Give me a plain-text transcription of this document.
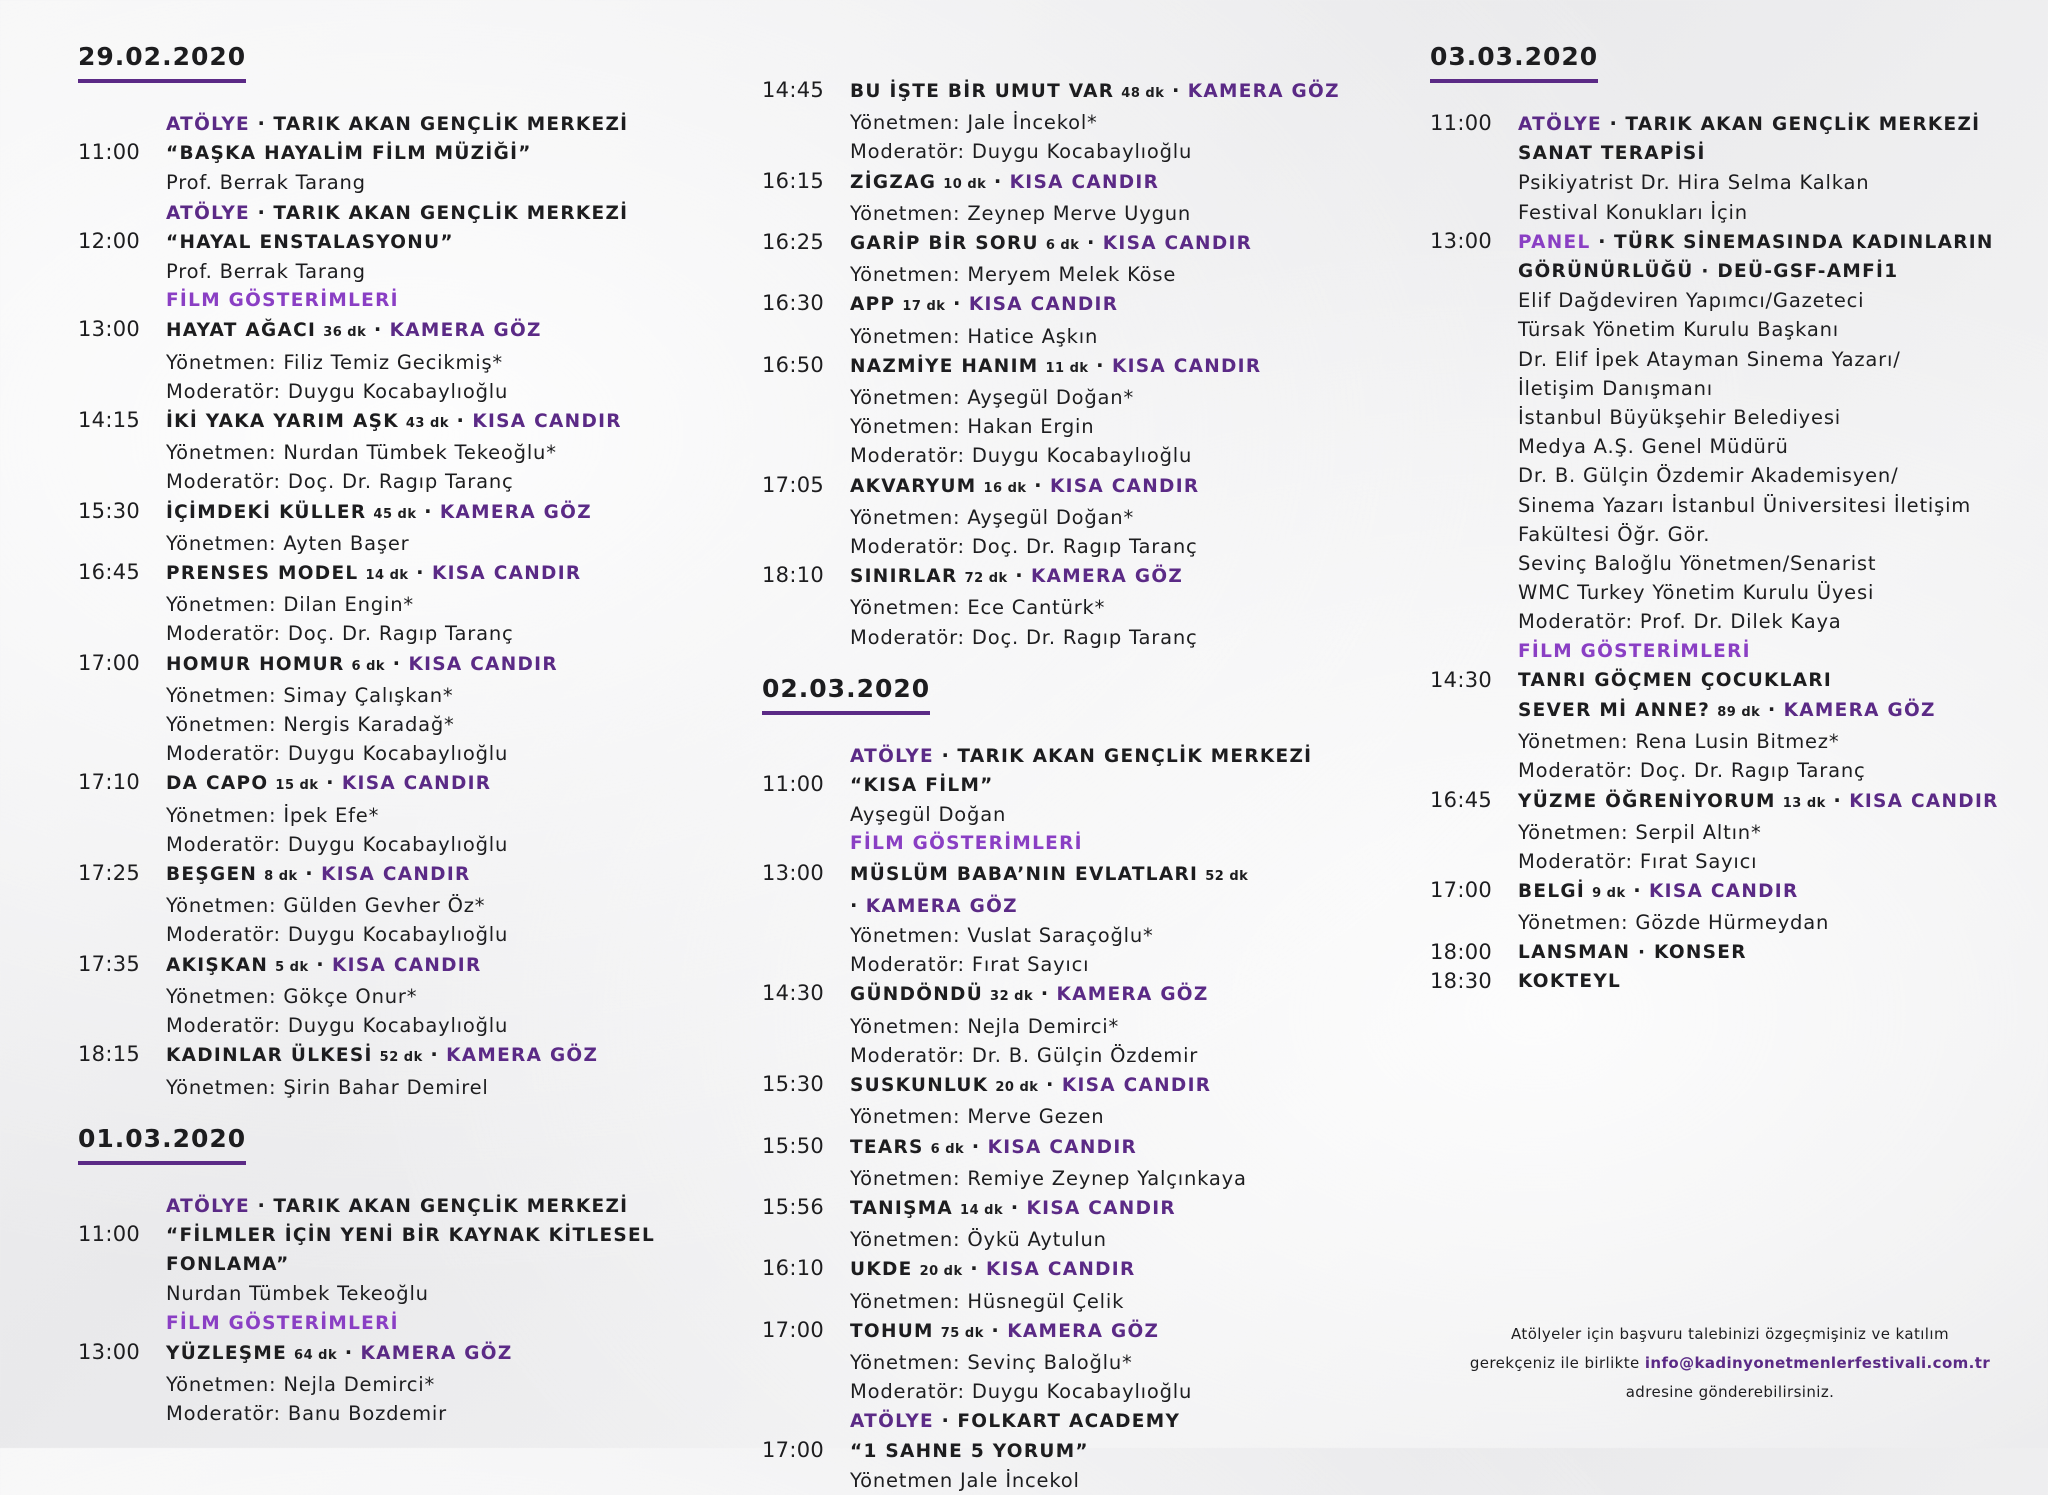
29.02.2020
11:00
ATÖLYE · TARIK AKAN GENÇLİK MERKEZİ
“BAŞKA HAYALİM FİLM MÜZİĞİ”
Prof. Berrak Tarang
12:00
ATÖLYE · TARIK AKAN GENÇLİK MERKEZİ
“HAYAL ENSTALASYONU”
Prof. Berrak Tarang
FİLM GÖSTERİMLERİ
13:00	HAYAT AĞACI 36 dk · KAMERA GÖZ
Yönetmen: Filiz Temiz Gecikmiş*
Moderatör: Duygu Kocabaylıoğlu
14:15	İKİ YAKA YARIM AŞK 43 dk · KISA CANDIR
Yönetmen: Nurdan Tümbek Tekeoğlu*
Moderatör: Doç. Dr. Ragıp Taranç
15:30	İÇİMDEKİ KÜLLER 45 dk · KAMERA GÖZ
Yönetmen: Ayten Başer
16:45	PRENSES MODEL 14 dk · KISA CANDIR
Yönetmen: Dilan Engin*
Moderatör: Doç. Dr. Ragıp Taranç
17:00	HOMUR HOMUR 6 dk · KISA CANDIR
Yönetmen: Simay Çalışkan*
Yönetmen: Nergis Karadağ*
Moderatör: Duygu Kocabaylıoğlu
17:10	DA CAPO 15 dk · KISA CANDIR
Yönetmen: İpek Efe*
Moderatör: Duygu Kocabaylıoğlu
17:25	BEŞGEN 8 dk · KISA CANDIR
Yönetmen: Gülden Gevher Öz*
Moderatör: Duygu Kocabaylıoğlu
17:35	AKIŞKAN 5 dk · KISA CANDIR
Yönetmen: Gökçe Onur*
Moderatör: Duygu Kocabaylıoğlu
18:15	KADINLAR ÜLKESİ 52 dk · KAMERA GÖZ
Yönetmen: Şirin Bahar Demirel
01.03.2020
11:00
ATÖLYE · TARIK AKAN GENÇLİK MERKEZİ
“FİLMLER İÇİN YENİ BİR KAYNAK KİTLESEL
FONLAMA”
Nurdan Tümbek Tekeoğlu
FİLM GÖSTERİMLERİ
13:00	YÜZLEŞME 64 dk · KAMERA GÖZ
Yönetmen: Nejla Demirci*
Moderatör: Banu Bozdemir
14:45	BU İŞTE BİR UMUT VAR 48 dk · KAMERA GÖZ
Yönetmen: Jale İncekol*
Moderatör: Duygu Kocabaylıoğlu
16:15	ZİGZAG 10 dk · KISA CANDIR
Yönetmen: Zeynep Merve Uygun
16:25	GARİP BİR SORU 6 dk · KISA CANDIR
Yönetmen: Meryem Melek Köse
16:30	APP 17 dk · KISA CANDIR
Yönetmen: Hatice Aşkın
16:50	NAZMİYE HANIM 11 dk · KISA CANDIR
Yönetmen: Ayşegül Doğan*
Yönetmen: Hakan Ergin
Moderatör: Duygu Kocabaylıoğlu
17:05	AKVARYUM 16 dk · KISA CANDIR
Yönetmen: Ayşegül Doğan*
Moderatör: Doç. Dr. Ragıp Taranç
18:10	SINIRLAR 72 dk · KAMERA GÖZ
Yönetmen: Ece Cantürk*
Moderatör: Doç. Dr. Ragıp Taranç
02.03.2020
11:00
ATÖLYE · TARIK AKAN GENÇLİK MERKEZİ
“KISA FİLM”
Ayşegül Doğan
FİLM GÖSTERİMLERİ
13:00	MÜSLÜM BABA’NIN EVLATLARI 52 dk
· KAMERA GÖZ
Yönetmen: Vuslat Saraçoğlu*
Moderatör: Fırat Sayıcı
14:30	GÜNDÖNDÜ 32 dk · KAMERA GÖZ
Yönetmen: Nejla Demirci*
Moderatör: Dr. B. Gülçin Özdemir
15:30	SUSKUNLUK 20 dk · KISA CANDIR
Yönetmen: Merve Gezen
15:50	TEARS 6 dk · KISA CANDIR
Yönetmen: Remiye Zeynep Yalçınkaya
15:56	TANIŞMA 14 dk · KISA CANDIR
Yönetmen: Öykü Aytulun
16:10	UKDE 20 dk · KISA CANDIR
Yönetmen: Hüsnegül Çelik
17:00	TOHUM 75 dk · KAMERA GÖZ
Yönetmen: Sevinç Baloğlu*
Moderatör: Duygu Kocabaylıoğlu
17:00
ATÖLYE · FOLKART ACADEMY
“1 SAHNE 5 YORUM”
Yönetmen Jale İncekol
03.03.2020
11:00	ATÖLYE · TARIK AKAN GENÇLİK MERKEZİ
SANAT TERAPİSİ
Psikiyatrist Dr. Hira Selma Kalkan
Festival Konukları İçin
13:00	PANEL · TÜRK SİNEMASINDA KADINLARIN
GÖRÜNÜRLÜĞÜ · DEÜ-GSF-AMFİ1
Elif Dağdeviren Yapımcı/Gazeteci
Türsak Yönetim Kurulu Başkanı
Dr. Elif İpek Atayman Sinema Yazarı/
İletişim Danışmanı
İstanbul Büyükşehir Belediyesi
Medya A.Ş. Genel Müdürü
Dr. B. Gülçin Özdemir Akademisyen/
Sinema Yazarı İstanbul Üniversitesi İletişim
Fakültesi Öğr. Gör.
Sevinç Baloğlu Yönetmen/Senarist
WMC Turkey Yönetim Kurulu Üyesi
Moderatör: Prof. Dr. Dilek Kaya
FİLM GÖSTERİMLERİ
14:30	TANRI GÖÇMEN ÇOCUKLARI
SEVER Mİ ANNE? 89 dk · KAMERA GÖZ
Yönetmen: Rena Lusin Bitmez*
Moderatör: Doç. Dr. Ragıp Taranç
16:45	YÜZME ÖĞRENİYORUM 13 dk · KISA CANDIR
Yönetmen: Serpil Altın*
Moderatör: Fırat Sayıcı
17:00	BELGİ 9 dk · KISA CANDIR
Yönetmen: Gözde Hürmeydan
18:00	LANSMAN · KONSER
18:30	KOKTEYL
Atölyeler için başvuru talebinizi özgeçmişiniz ve katılım
gerekçeniz ile birlikte info@kadinyonetmenlerfestivali.com.tr
adresine gönderebilirsiniz.
